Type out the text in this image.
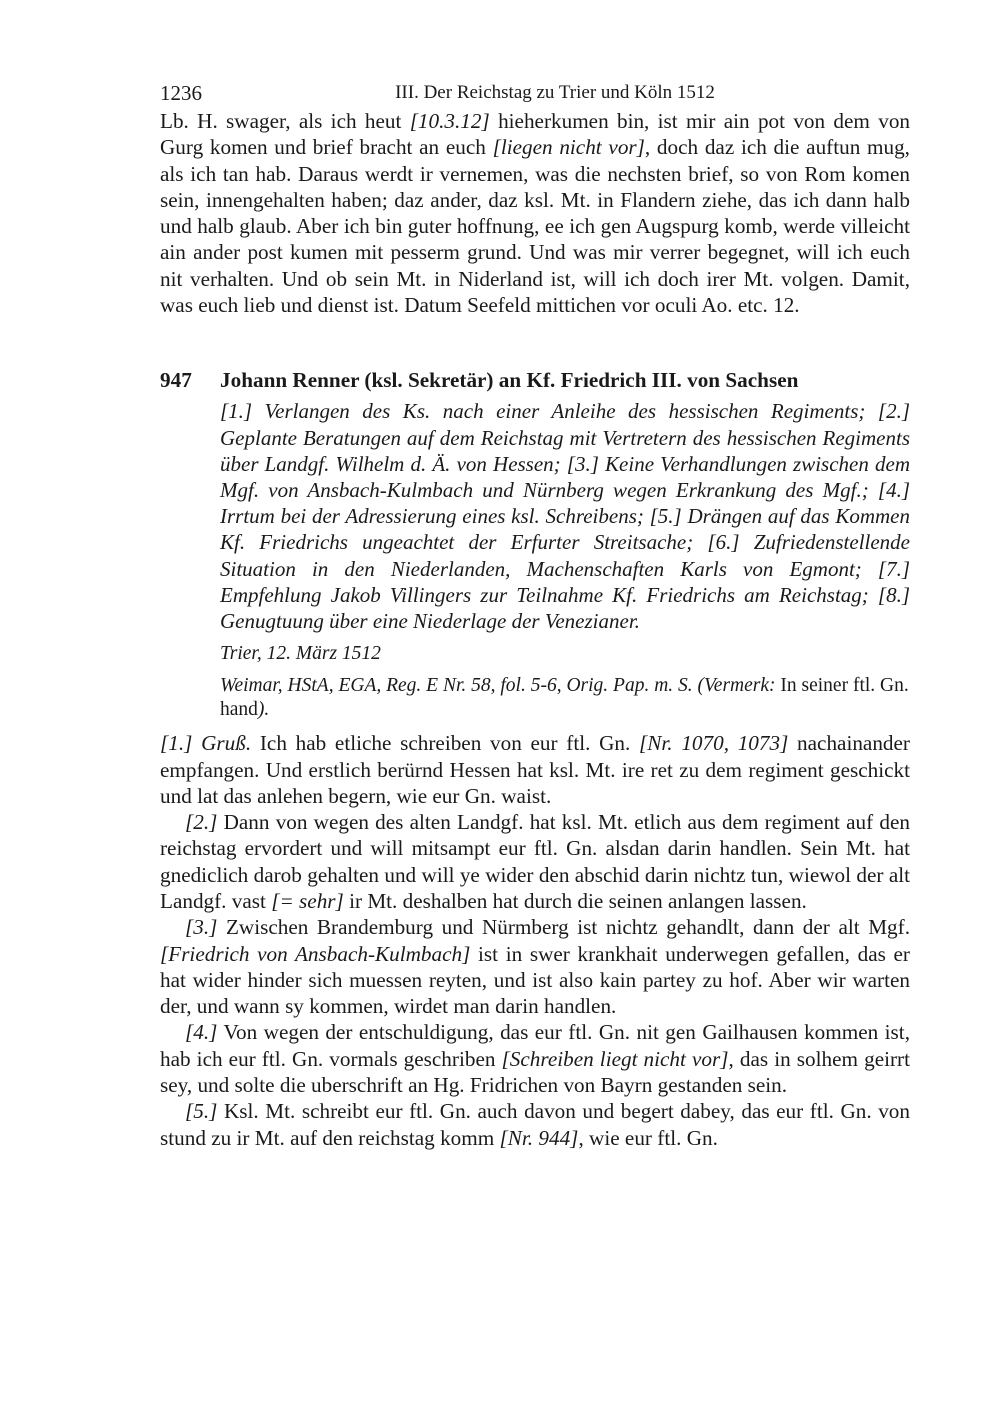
1236	III. Der Reichstag zu Trier und Köln 1512

Lb. H. swager, als ich heut [10.3.12] hieherkumen bin, ist mir ain pot von dem von Gurg komen und brief bracht an euch [liegen nicht vor], doch daz ich die auftun mug, als ich tan hab. Daraus werdt ir vernemen, was die nechsten brief, so von Rom komen sein, innengehalten haben; daz ander, daz ksl. Mt. in Flandern ziehe, das ich dann halb und halb glaub. Aber ich bin guter hoffnung, ee ich gen Augspurg komb, werde villeicht ain ander post kumen mit pesserm grund. Und was mir verrer begegnet, will ich euch nit verhalten. Und ob sein Mt. in Niderland ist, will ich doch irer Mt. volgen. Damit, was euch lieb und dienst ist. Datum Seefeld mittichen vor oculi Ao. etc. 12.

947	Johann Renner (ksl. Sekretär) an Kf. Friedrich III. von Sachsen

[1.] Verlangen des Ks. nach einer Anleihe des hessischen Regiments; [2.] Geplante Beratungen auf dem Reichstag mit Vertretern des hessischen Regiments über Landgf. Wilhelm d. Ä. von Hessen; [3.] Keine Verhandlungen zwischen dem Mgf. von Ansbach-Kulmbach und Nürnberg wegen Erkrankung des Mgf.; [4.] Irrtum bei der Adressierung eines ksl. Schreibens; [5.] Drängen auf das Kommen Kf. Friedrichs ungeachtet der Erfurter Streitsache; [6.] Zufriedenstellende Situation in den Niederlanden, Machenschaften Karls von Egmont; [7.] Empfehlung Jakob Villingers zur Teilnahme Kf. Friedrichs am Reichstag; [8.] Genugtuung über eine Niederlage der Venezianer.

Trier, 12. März 1512

Weimar, HStA, EGA, Reg. E Nr. 58, fol. 5-6, Orig. Pap. m. S. (Vermerk: In seiner ftl. Gn. hand).

[1.] Gruß. Ich hab etliche schreiben von eur ftl. Gn. [Nr. 1070, 1073] nachainander empfangen. Und erstlich berürnd Hessen hat ksl. Mt. ire ret zu dem regiment geschickt und lat das anlehen begern, wie eur Gn. waist.

[2.] Dann von wegen des alten Landgf. hat ksl. Mt. etlich aus dem regiment auf den reichstag ervordert und will mitsampt eur ftl. Gn. alsdan darin handlen. Sein Mt. hat gnediclich darob gehalten und will ye wider den abschid darin nichtz tun, wiewol der alt Landgf. vast [= sehr] ir Mt. deshalben hat durch die seinen anlangen lassen.

[3.] Zwischen Brandemburg und Nürmberg ist nichtz gehandlt, dann der alt Mgf. [Friedrich von Ansbach-Kulmbach] ist in swer krankhait underwegen gefallen, das er hat wider hinder sich muessen reyten, und ist also kain partey zu hof. Aber wir warten der, und wann sy kommen, wirdet man darin handlen.

[4.] Von wegen der entschuldigung, das eur ftl. Gn. nit gen Gailhausen kommen ist, hab ich eur ftl. Gn. vormals geschriben [Schreiben liegt nicht vor], das in solhem geirrt sey, und solte die uberschrift an Hg. Fridrichen von Bayrn gestanden sein.

[5.] Ksl. Mt. schreibt eur ftl. Gn. auch davon und begert dabey, das eur ftl. Gn. von stund zu ir Mt. auf den reichstag komm [Nr. 944], wie eur ftl. Gn.
